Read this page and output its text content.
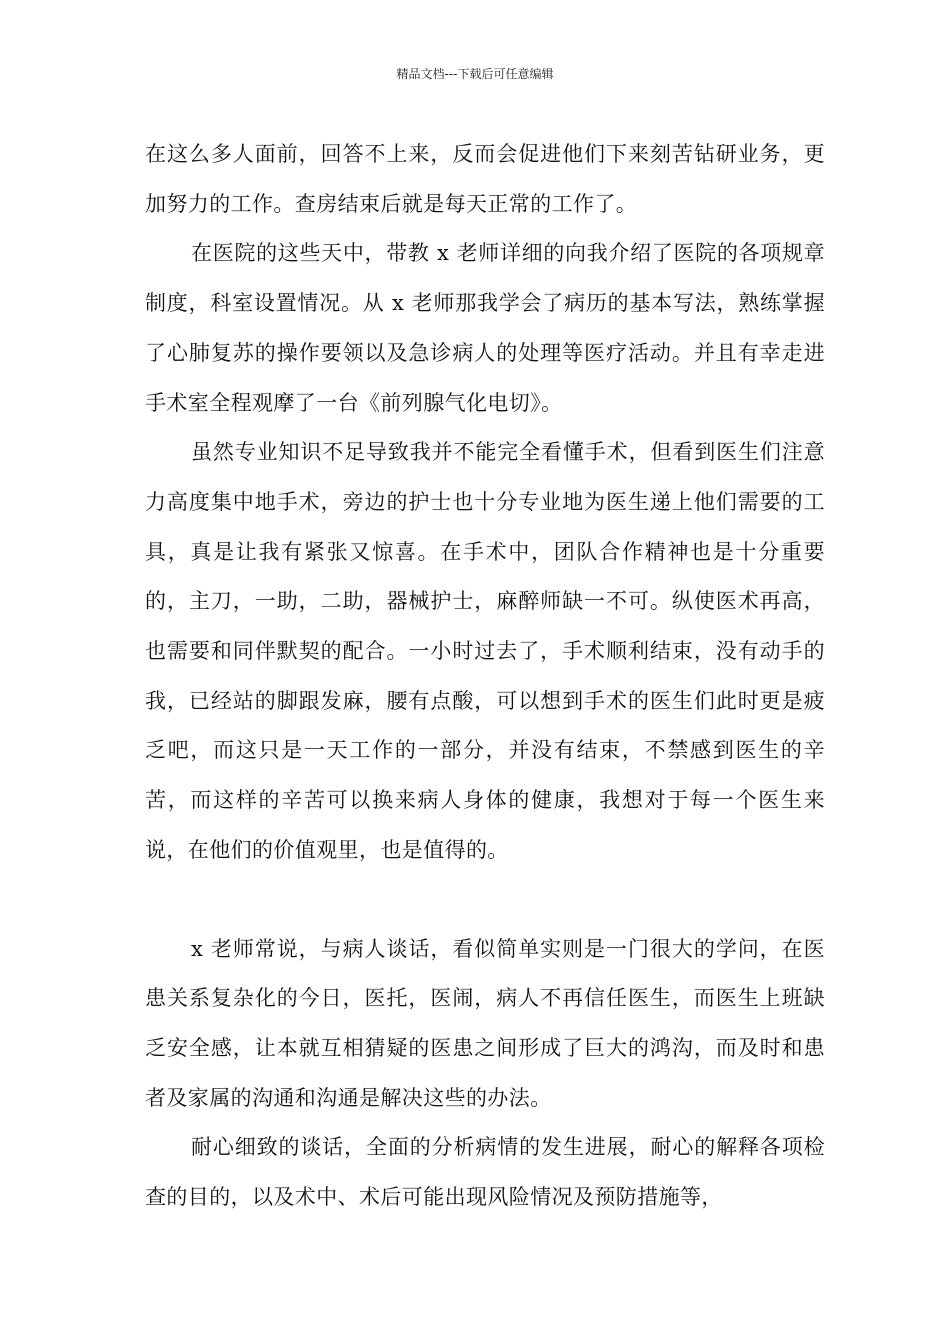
精品文档---下载后可任意编辑

在这么多人面前，回答不上来，反而会促进他们下来刻苦钻研业务，更加努力的工作。查房结束后就是每天正常的工作了。

在医院的这些天中，带教 x 老师详细的向我介绍了医院的各项规章制度，科室设置情况。从 x 老师那我学会了病历的基本写法，熟练掌握了心肺复苏的操作要领以及急诊病人的处理等医疗活动。并且有幸走进手术室全程观摩了一台《前列腺气化电切》。

虽然专业知识不足导致我并不能完全看懂手术，但看到医生们注意力高度集中地手术，旁边的护士也十分专业地为医生递上他们需要的工具，真是让我有紧张又惊喜。在手术中，团队合作精神也是十分重要的，主刀，一助，二助，器械护士，麻醉师缺一不可。纵使医术再高，也需要和同伴默契的配合。一小时过去了，手术顺利结束，没有动手的我，已经站的脚跟发麻，腰有点酸，可以想到手术的医生们此时更是疲乏吧，而这只是一天工作的一部分，并没有结束，不禁感到医生的辛苦，而这样的辛苦可以换来病人身体的健康，我想对于每一个医生来说，在他们的价值观里，也是值得的。

x 老师常说，与病人谈话，看似简单实则是一门很大的学问，在医患关系复杂化的今日，医托，医闹，病人不再信任医生，而医生上班缺乏安全感，让本就互相猜疑的医患之间形成了巨大的鸿沟，而及时和患者及家属的沟通和沟通是解决这些的办法。

耐心细致的谈话，全面的分析病情的发生进展，耐心的解释各项检查的目的，以及术中、术后可能出现风险情况及预防措施等，
